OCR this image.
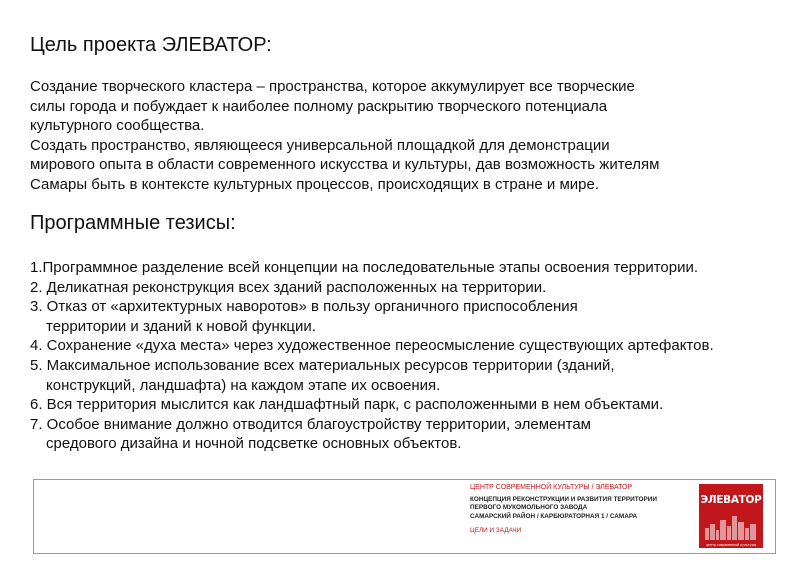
Цель проекта ЭЛЕВАТОР:
Создание творческого кластера – пространства, которое аккумулирует все творческие
силы города и побуждает к наиболее полному раскрытию творческого потенциала
культурного сообщества.
Создать пространство, являющееся универсальной площадкой для демонстрации
мирового опыта в области современного искусства и культуры, дав возможность жителям
Самары быть в контексте культурных процессов, происходящих в стране и мире.
Программные тезисы:
1.Программное разделение всей концепции на последовательные этапы освоения территории.
2. Деликатная реконструкция всех зданий расположенных на территории.
3. Отказ от «архитектурных наворотов» в пользу органичного приспособления
территории и зданий к новой функции.
4. Сохранение «духа места» через художественное переосмысление существующих артефактов.
5. Максимальное использование всех материальных ресурсов территории (зданий,
конструкций, ландшафта) на каждом этапе их освоения.
6. Вся территория мыслится как ландшафтный парк, с расположенными в нем объектами.
7. Особое внимание должно отводится благоустройству территории, элементам
средового дизайна и ночной подсветке основных объектов.
ЦЕНТР СОВРЕМЕННОЙ КУЛЬТУРЫ / ЭЛЕВАТОР
КОНЦЕПЦИЯ РЕКОНСТРУКЦИИ И РАЗВИТИЯ ТЕРРИТОРИИ
ПЕРВОГО МУКОМОЛЬНОГО ЗАВОДА
САМАРСКИЙ РАЙОН / КАРБЮРАТОРНАЯ 1 / САМАРА
ЦЕЛИ И ЗАДАЧИ
ЭЛЕВАТОР
центр современной культуры
